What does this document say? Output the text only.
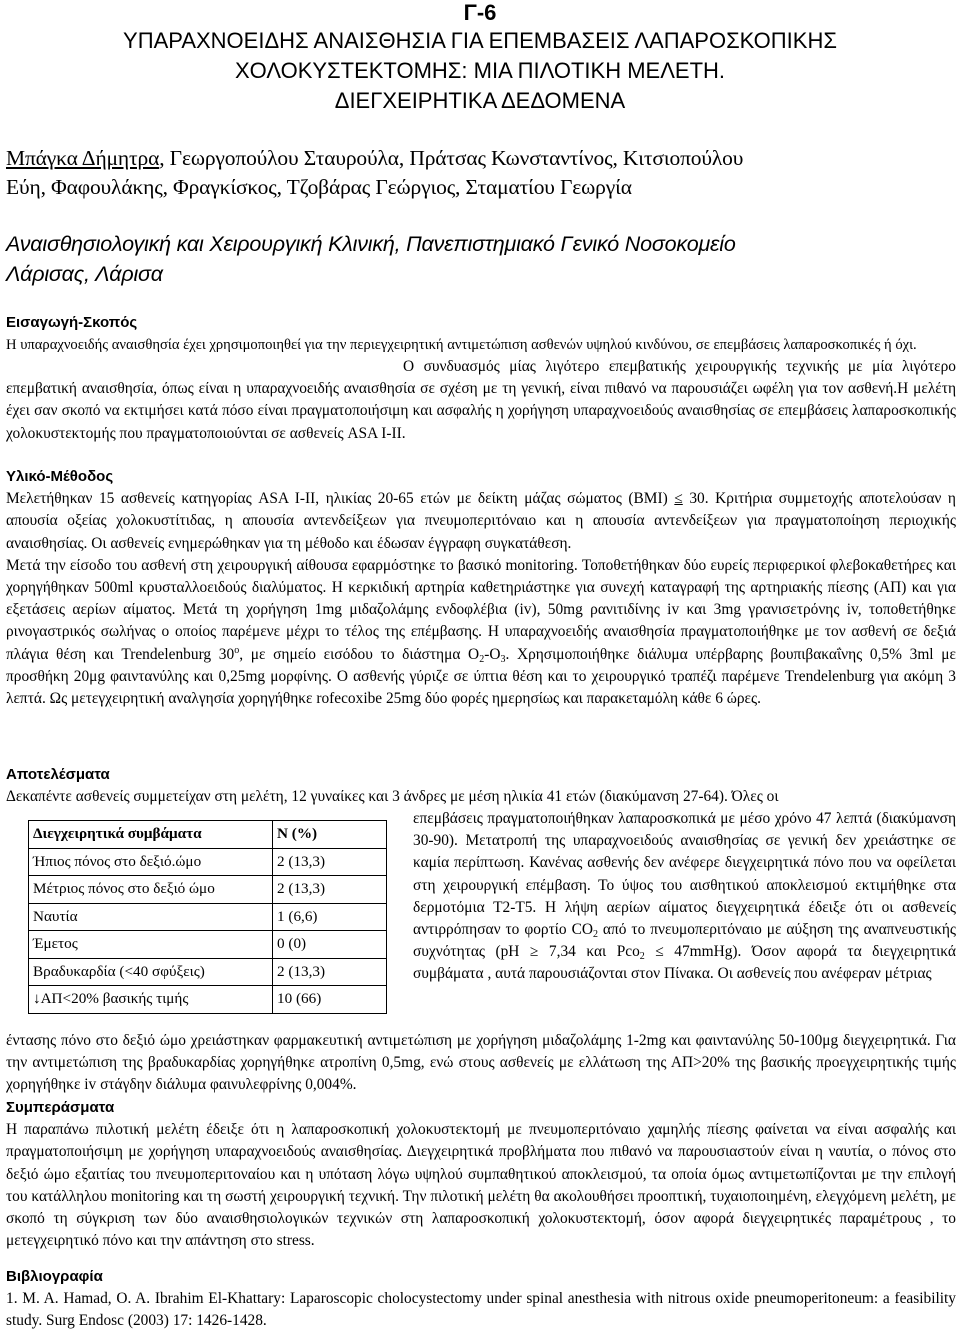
Γ-6
ΥΠΑΡΑΧΝΟΕΙΔΗΣ ΑΝΑΙΣΘΗΣΙΑ ΓΙΑ ΕΠΕΜΒΑΣΕΙΣ ΛΑΠΑΡΟΣΚΟΠΙΚΗΣ
ΧΟΛΟΚΥΣΤΕΚΤΟΜΗΣ: ΜΙΑ ΠΙΛΟΤΙΚΗ ΜΕΛΕΤΗ.
ΔΙΕΓΧΕΙΡΗΤΙΚΑ ΔΕΔΟΜΕΝΑ
Μπάγκα Δήμητρα, Γεωργοπούλου Σταυρούλα, Πράτσας Κωνσταντίνος, Κιτσιοπούλου
Εύη, Φαφουλάκης, Φραγκίσκος, Τζοβάρας Γεώργιος, Σταματίου Γεωργία
Αναισθησιολογική και Χειρουργική Κλινική, Πανεπιστημιακό Γενικό Νοσοκομείο
Λάρισας, Λάρισα
Εισαγωγή-Σκοπός

Η υπαραχνοειδής αναισθησία έχει χρησιμοποιηθεί για την περιεγχειρητική αντιμετώπιση ασθενών υψηλού κινδύνου, σε επεμβάσεις λαπαροσκοπικές ή όχι.

Ο συνδυασμός μίας λιγότερο επεμβατικής χειρουργικής τεχνικής με μία λιγότερο επεμβατική αναισθησία, όπως είναι η υπαραχνοειδής αναισθησία σε σχέση με τη γενική, είναι πιθανό να παρουσιάζει ωφέλη για τον ασθενή.Η μελέτη έχει σαν σκοπό να εκτιμήσει κατά πόσο είναι πραγματοποιήσιμη και ασφαλής η χορήγηση υπαραχνοειδούς αναισθησίας σε επεμβάσεις λαπαροσκοπικής χολοκυστεκτομής που πραγματοποιούνται σε ασθενείς ASA I-II.

Υλικό-Μέθοδος

Μελετήθηκαν 15 ασθενείς κατηγορίας ASA I-II, ηλικίας 20-65 ετών με δείκτη μάζας σώματος (BMI) ≤ 30. Κριτήρια συμμετοχής αποτελούσαν η απουσία οξείας χολοκυστίτιδας, η απουσία αντενδείξεων για πνευμοπεριτόναιο και η απουσία αντενδείξεων για πραγματοποίηση περιοχικής αναισθησίας. Οι ασθενείς ενημερώθηκαν για τη μέθοδο και έδωσαν έγγραφη συγκατάθεση.

Μετά την είσοδο του ασθενή στη χειρουργική αίθουσα εφαρμόστηκε το βασικό monitoring. Τοποθετήθηκαν δύο ευρείς περιφερικοί φλεβοκαθετήρες και χορηγήθηκαν 500ml κρυσταλλοειδούς διαλύματος. Η κερκιδική αρτηρία καθετηριάστηκε για συνεχή καταγραφή της αρτηριακής πίεσης (ΑΠ) και για εξετάσεις αερίων αίματος. Μετά τη χορήγηση 1mg μιδαζολάμης ενδοφλέβια (iv), 50mg ρανιτιδίνης iv και 3mg γρανισετρόνης iv, τοποθετήθηκε ρινογαστρικός σωλήνας ο οποίος παρέμενε μέχρι το τέλος της επέμβασης. Η υπαραχνοειδής αναισθησία πραγματοποιήθηκε με τον ασθενή σε δεξιά πλάγια θέση και Trendelenburg $30^o$, με σημείο εισόδου το διάστημα $O_2-O_3$. Χρησιμοποιήθηκε διάλυμα υπέρβαρης βουπιβακαΐνης 0,5% 3ml με προσθήκη 20μg φαιντανύλης και 0,25mg μορφίνης. Ο ασθενής γύριζε σε ύπτια θέση και το χειρουργικό τραπέζι παρέμενε Trendelenburg για ακόμη 3 λεπτά. Ως μετεγχειρητική αναλγησία χορηγήθηκε rofecoxibe 25mg δύο φορές ημερησίως και παρακεταμόλη κάθε 6 ώρες.

Αποτελέσματα
Δεκαπέντε ασθενείς συμμετείχαν στη μελέτη, 12 γυναίκες και 3 άνδρες με μέση ηλικία 41 ετών (διακύμανση 27-64). Όλες οι
Διεγχειρητικά συμβάματα	N (%)
Ήπιος πόνος στο δεξιό.ώμο	2 (13,3)
Μέτριος πόνος στο δεξιό ώμο	2 (13,3)
Ναυτία	1 (6,6)
Έμετος	0 (0)
Βραδυκαρδία (<40 σφύξεις)	2 (13,3)
↓ΑΠ<20% βασικής τιμής	10 (66)

επεμβάσεις πραγματοποιήθηκαν λαπαροσκοπικά με μέσο χρόνο 47 λεπτά (διακύμανση 30-90). Μετατροπή της υπαραχνοειδούς αναισθησίας σε γενική δεν χρειάστηκε σε καμία περίπτωση. Κανένας ασθενής δεν ανέφερε διεγχειρητικά πόνο που να οφείλεται στη χειρουργική επέμβαση. Το ύψος του αισθητικού αποκλεισμού εκτιμήθηκε στα δερμοτόμια Τ2-Τ5. Η λήψη αερίων αίματος διεγχειρητικά έδειξε ότι οι ασθενείς αντιρρόπησαν το φορτίο $CO_2$ από το πνευμοπεριτόναιο με αύξηση της αναπνευστικής συχνότητας (pH ≥ 7,34 και Pco$_2$ ≤ 47mmHg). Όσον αφορά τα διεγχειρητικά συμβάματα , αυτά παρουσιάζονται στον Πίνακα. Οι ασθενείς που ανέφεραν μέτριας

έντασης πόνο στο δεξιό ώμο χρειάστηκαν φαρμακευτική αντιμετώπιση με χορήγηση μιδαζολάμης 1-2mg και φαιντανύλης 50-100μg διεγχειρητικά. Για την αντιμετώπιση της βραδυκαρδίας χορηγήθηκε ατροπίνη 0,5mg, ενώ στους ασθενείς με ελλάτωση της ΑΠ>20% της βασικής προεγχειρητικής τιμής χορηγήθηκε iv στάγδην διάλυμα φαινυλεφρίνης 0,004%.

Συμπεράσματα

Η παραπάνω πιλοτική μελέτη έδειξε ότι η λαπαροσκοπική χολοκυστεκτομή με πνευμοπεριτόναιο χαμηλής πίεσης φαίνεται να είναι ασφαλής και πραγματοποιήσιμη με χορήγηση υπαραχνοειδούς αναισθησίας. Διεγχειρητικά προβλήματα που πιθανό να παρουσιαστούν είναι η ναυτία, ο πόνος στο δεξιό ώμο εξαιτίας του πνευμοπεριτοναίου και η υπόταση λόγω υψηλού συμπαθητικού αποκλεισμού, τα οποία όμως αντιμετωπίζονται με την επιλογή του κατάλληλου monitoring και τη σωστή χειρουργική τεχνική. Την πιλοτική μελέτη θα ακολουθήσει προοπτική, τυχαιοποιημένη, ελεγχόμενη μελέτη, με σκοπό τη σύγκριση των δύο αναισθησιολογικών τεχνικών στη λαπαροσκοπική χολοκυστεκτομή, όσον αφορά διεγχειρητικές παραμέτρους , το μετεγχειρητικό πόνο και την απάντηση στο stress.

Βιβλιογραφία

1. M. A. Hamad, O. A. Ibrahim El-Khattary: Laparoscopic cholocystectomy under spinal anesthesia with nitrous oxide pneumoperitoneum: a feasibility study. Surg Endosc (2003) 17: 1426-1428.
